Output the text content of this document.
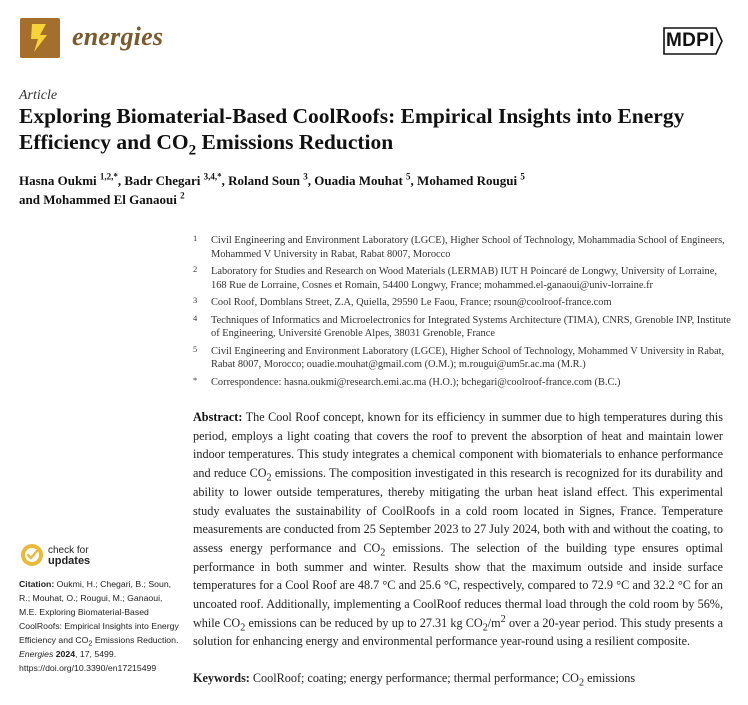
energies	MDPI
Article
Exploring Biomaterial-Based CoolRoofs: Empirical Insights into Energy Efficiency and $CO_2$ Emissions Reduction
Hasna Oukmi $^{1,2,*}$, Badr Chegari $^{3,4,*}$, Roland Soun $^3$, Ouadia Mouhat $^5$, Mohamed Rougui $^5$
and Mohammed El Ganaoui $^2$
1 Civil Engineering and Environment Laboratory (LGCE), Higher School of Technology, Mohammadia School of Engineers, Mohammed V University in Rabat, Rabat 8007, Morocco
2 Laboratory for Studies and Research on Wood Materials (LERMAB) IUT H Poincaré de Longwy, University of Lorraine, 168 Rue de Lorraine, Cosnes et Romain, 54400 Longwy, France; mohammed.el-ganaoui@univ-lorraine.fr
3 Cool Roof, Domblans Street, Z.A, Quiella, 29590 Le Faou, France; rsoun@coolroof-france.com
4 Techniques of Informatics and Microelectronics for Integrated Systems Architecture (TIMA), CNRS, Grenoble INP, Institute of Engineering, Université Grenoble Alpes, 38031 Grenoble, France
5 Civil Engineering and Environment Laboratory (LGCE), Higher School of Technology, Mohammed V University in Rabat, Rabat 8007, Morocco; ouadie.mouhat@gmail.com (O.M.); m.rougui@um5r.ac.ma (M.R.)
* Correspondence: hasna.oukmi@research.emi.ac.ma (H.O.); bchegari@coolroof-france.com (B.C.)
Abstract: The Cool Roof concept, known for its efficiency in summer due to high temperatures during this period, employs a light coating that covers the roof to prevent the absorption of heat and maintain lower indoor temperatures. This study integrates a chemical component with biomaterials to enhance performance and reduce $CO_2$ emissions. The composition investigated in this research is recognized for its durability and ability to lower outside temperatures, thereby mitigating the urban heat island effect. This experimental study evaluates the sustainability of CoolRoofs in a cold room located in Signes, France. Temperature measurements are conducted from 25 September 2023 to 27 July 2024, both with and without the coating, to assess energy performance and $CO_2$ emissions. The selection of the building type ensures optimal performance in both summer and winter. Results show that the maximum outside and inside surface temperatures for a Cool Roof are 48.7 °C and 25.6 °C, respectively, compared to 72.9 °C and 32.2 °C for an uncoated roof. Additionally, implementing a CoolRoof reduces thermal load through the cold room by 56%, while $CO_2$ emissions can be reduced by up to 27.31 kg $CO_2/m^2$ over a 20-year period. This study presents a solution for enhancing energy and environmental performance year-round using a resilient composite.
Keywords: CoolRoof; coating; energy performance; thermal performance; $CO_2$ emissions
check for
updates
Citation: Oukmi, H.; Chegari, B.; Soun, R.; Mouhat, O.; Rougui, M.; Ganaoui, M.E. Exploring Biomaterial-Based CoolRoofs: Empirical Insights into Energy Efficiency and $CO_2$ Emissions Reduction. Energies 2024, 17, 5499.
https://doi.org/10.3390/en17215499
